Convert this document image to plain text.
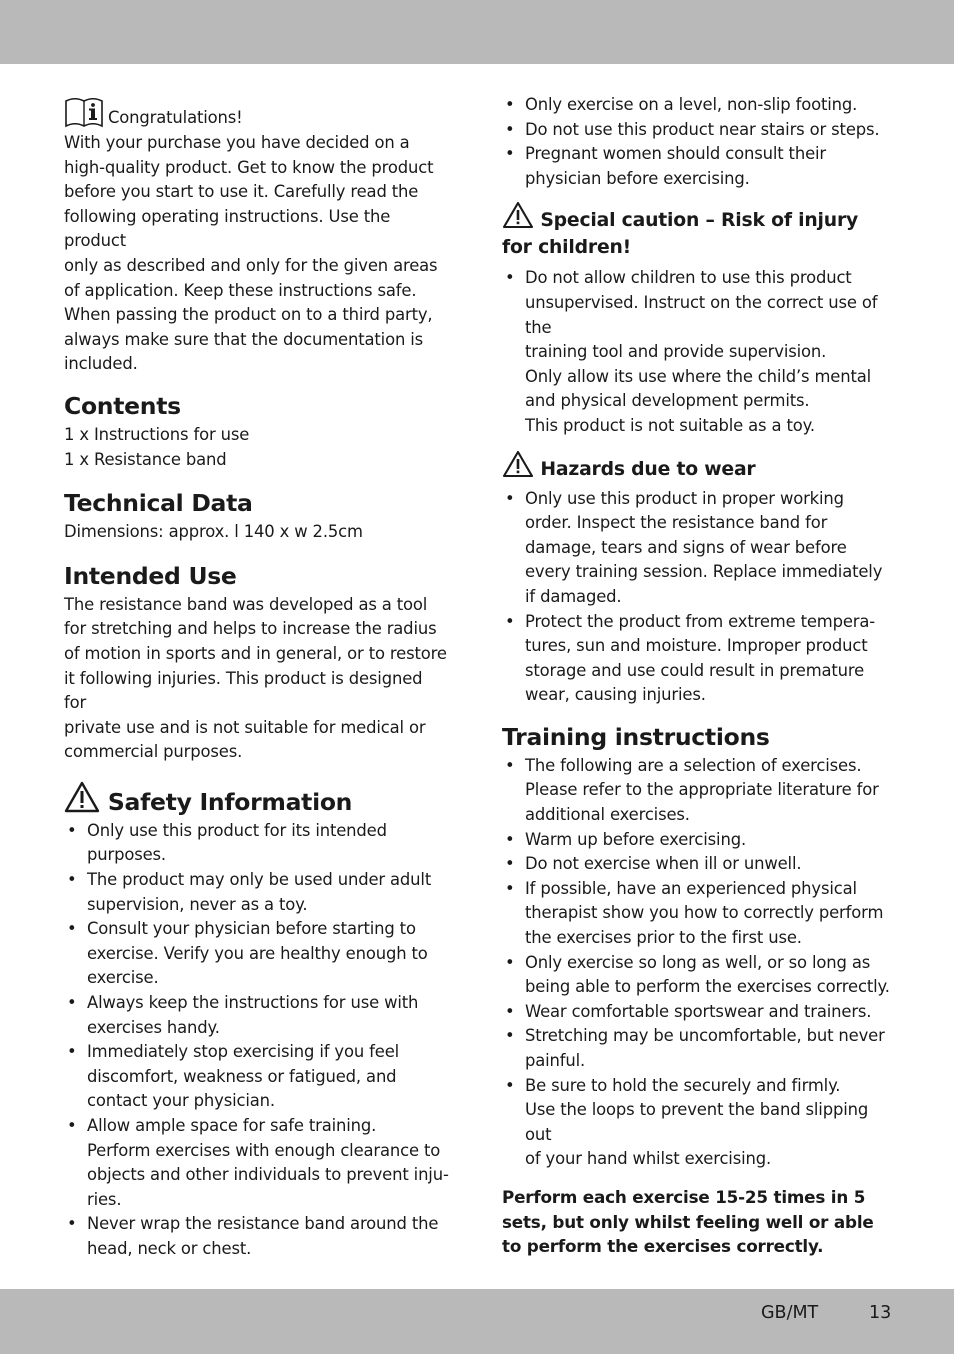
Congratulations!

With your purchase you have decided on a
high-quality product. Get to know the product
before you start to use it. Carefully read the
following operating instructions. Use the product
only as described and only for the given areas
of application. Keep these instructions safe.
When passing the product on to a third party,
always make sure that the documentation is
included.

Contents

1 x Instructions for use
1 x Resistance band

Technical Data

Dimensions: approx. l 140 x w 2.5cm

Intended Use

The resistance band was developed as a tool
for stretching and helps to increase the radius
of motion in sports and in general, or to restore
it following injuries. This product is designed for
private use and is not suitable for medical or
commercial purposes.

Safety Information
• Only use this product for its intended
purposes.
• The product may only be used under adult
supervision, never as a toy.
• Consult your physician before starting to
exercise. Verify you are healthy enough to
exercise.
• Always keep the instructions for use with
exercises handy.
• Immediately stop exercising if you feel
discomfort, weakness or fatigued, and
contact your physician.
• Allow ample space for safe training.
Perform exercises with enough clearance to
objects and other individuals to prevent inju-
ries.
• Never wrap the resistance band around the
head, neck or chest.
• Only exercise on a level, non-slip footing.
• Do not use this product near stairs or steps.
• Pregnant women should consult their
physician before exercising.
Special caution – Risk of injury
for children!
• Do not allow children to use this product
unsupervised. Instruct on the correct use of the
training tool and provide supervision.
Only allow its use where the child’s mental
and physical development permits.
This product is not suitable as a toy.
Hazards due to wear
• Only use this product in proper working
order. Inspect the resistance band for
damage, tears and signs of wear before
every training session. Replace immediately
if damaged.
• Protect the product from extreme tempera-
tures, sun and moisture. Improper product
storage and use could result in premature
wear, causing injuries.
Training instructions
• The following are a selection of exercises.
Please refer to the appropriate literature for
additional exercises.
• Warm up before exercising.
• Do not exercise when ill or unwell.
• If possible, have an experienced physical
therapist show you how to correctly perform
the exercises prior to the first use.
• Only exercise so long as well, or so long as
being able to perform the exercises correctly.
• Wear comfortable sportswear and trainers.
• Stretching may be uncomfortable, but never
painful.
• Be sure to hold the securely and firmly.
Use the loops to prevent the band slipping out
of your hand whilst exercising.

Perform each exercise 15-25 times in 5
sets, but only whilst feeling well or able
to perform the exercises correctly.

GB/MT	13
